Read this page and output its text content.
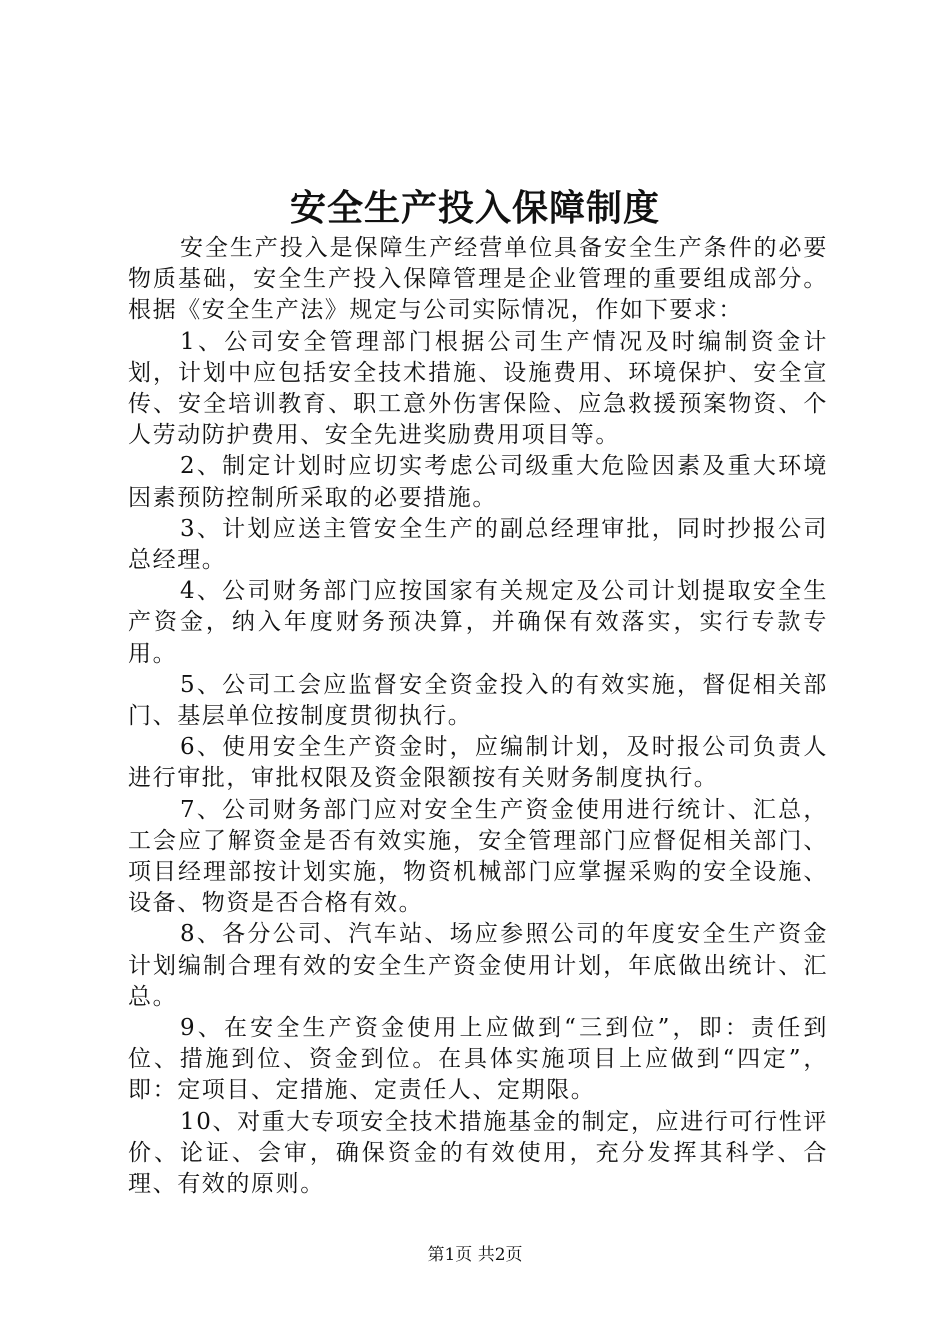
安全生产投入保障制度

安全生产投入是保障生产经营单位具备安全生产条件的必要物质基础，安全生产投入保障管理是企业管理的重要组成部分。根据《安全生产法》规定与公司实际情况，作如下要求：

1、公司安全管理部门根据公司生产情况及时编制资金计划，计划中应包括安全技术措施、设施费用、环境保护、安全宣传、安全培训教育、职工意外伤害保险、应急救援预案物资、个人劳动防护费用、安全先进奖励费用项目等。

2、制定计划时应切实考虑公司级重大危险因素及重大环境因素预防控制所采取的必要措施。

3、计划应送主管安全生产的副总经理审批，同时抄报公司总经理。

4、公司财务部门应按国家有关规定及公司计划提取安全生产资金，纳入年度财务预决算，并确保有效落实，实行专款专用。

5、公司工会应监督安全资金投入的有效实施，督促相关部门、基层单位按制度贯彻执行。

6、使用安全生产资金时，应编制计划，及时报公司负责人进行审批，审批权限及资金限额按有关财务制度执行。

7、公司财务部门应对安全生产资金使用进行统计、汇总，工会应了解资金是否有效实施，安全管理部门应督促相关部门、项目经理部按计划实施，物资机械部门应掌握采购的安全设施、设备、物资是否合格有效。

8、各分公司、汽车站、场应参照公司的年度安全生产资金计划编制合理有效的安全生产资金使用计划，年底做出统计、汇总。

9、在安全生产资金使用上应做到“三到位”，即：责任到位、措施到位、资金到位。在具体实施项目上应做到“四定”，即：定项目、定措施、定责任人、定期限。

10、对重大专项安全技术措施基金的制定，应进行可行性评价、论证、会审，确保资金的有效使用，充分发挥其科学、合理、有效的原则。

第1页 共2页
